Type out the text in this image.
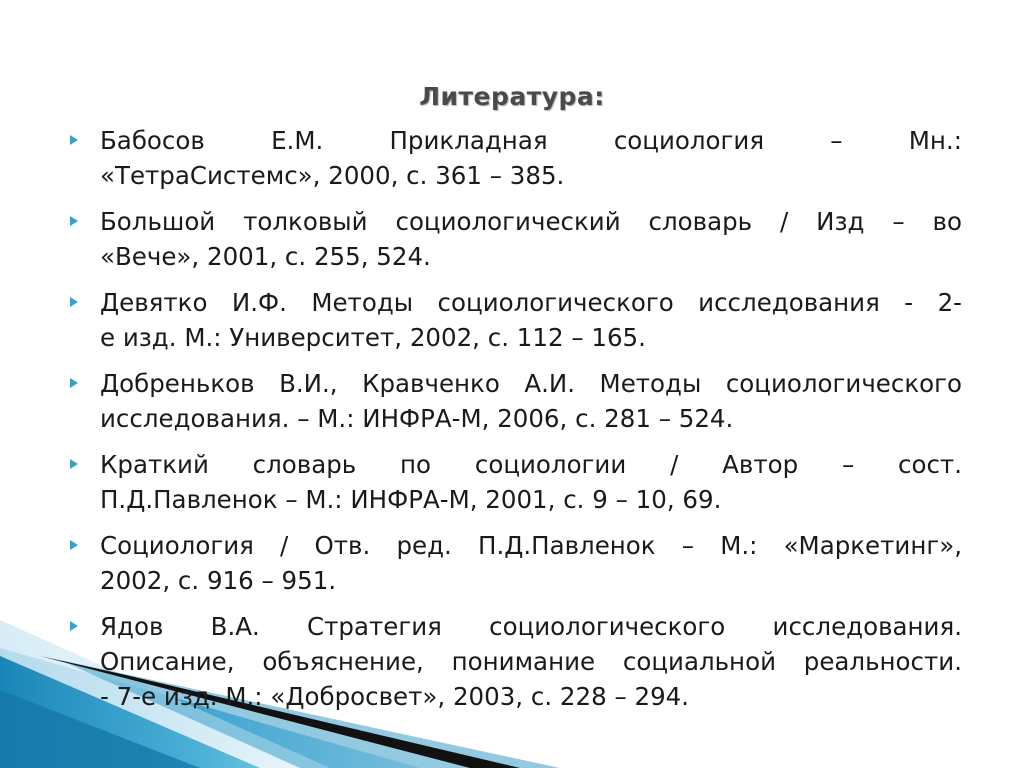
Литература:
Бабосов Е.М. Прикладная социология – Мн.:
«ТетраСистемс», 2000, с. 361 – 385.
Большой толковый социологический словарь / Изд – во
«Вече», 2001, с. 255, 524.
Девятко И.Ф. Методы социологического исследования - 2-
е изд. М.: Университет, 2002, с. 112 – 165.
Добреньков В.И., Кравченко А.И. Методы социологического
исследования. – М.: ИНФРА-М, 2006, с. 281 – 524.
Краткий словарь по социологии / Автор – сост.
П.Д.Павленок – М.: ИНФРА-М, 2001, с. 9 – 10, 69.
Социология / Отв. ред. П.Д.Павленок – М.: «Маркетинг»,
2002, с. 916 – 951.
Ядов В.А. Стратегия социологического исследования.
Описание, объяснение, понимание социальной реальности.
- 7-е изд. М.: «Добросвет», 2003, с. 228 – 294.
